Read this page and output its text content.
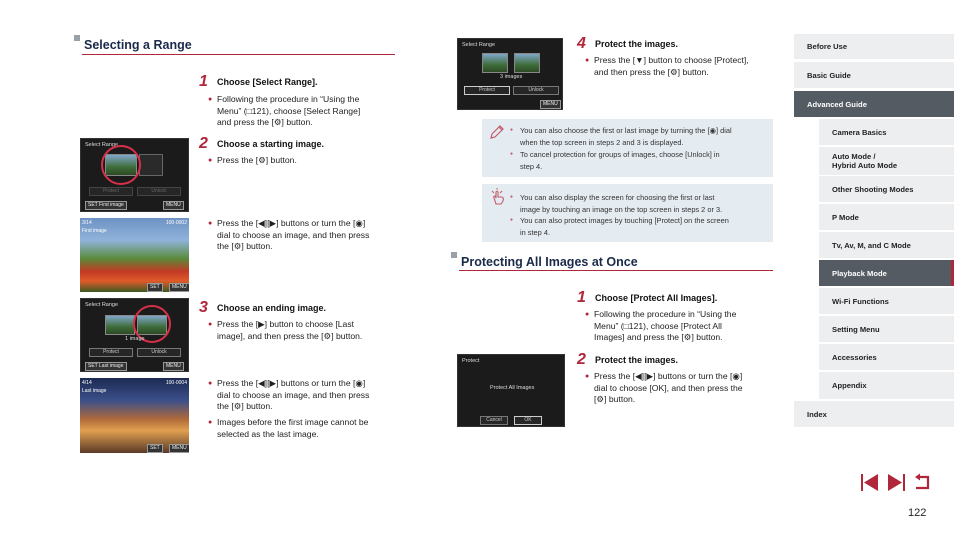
Selecting a Range
1 Choose [Select Range].
● Following the procedure in “Using the
Menu” (□121), choose [Select Range]
and press the [⚙] button.
Select Range
Protect	Unlock
SET First image	MENU
2 Choose a starting image.
● Press the [⚙] button.
3/14	100-0002
First image
SET	MENU
● Press the [◀][▶] buttons or turn the [◉]
dial to choose an image, and then press
the [⚙] button.
Select Range
1 image
Protect	Unlock
SET Last image	MENU
3 Choose an ending image.
● Press the [▶] button to choose [Last
image], and then press the [⚙] button.
4/14	100-0004
Last image
SET	MENU
● Press the [◀][▶] buttons or turn the [◉]
dial to choose an image, and then press
the [⚙] button.
● Images before the first image cannot be
selected as the last image.
Select Range
3 images
Protect	Unlock
MENU
4 Protect the images.
● Press the [▼] button to choose [Protect],
and then press the [⚙] button.
● You can also choose the first or last image by turning the [◉] dial
when the top screen in steps 2 and 3 is displayed.
● To cancel protection for groups of images, choose [Unlock] in
step 4.
● You can also display the screen for choosing the first or last
image by touching an image on the top screen in steps 2 or 3.
● You can also protect images by touching [Protect] on the screen
in step 4.
Protecting All Images at Once
1 Choose [Protect All Images].
● Following the procedure in “Using the
Menu” (□121), choose [Protect All
Images] and press the [⚙] button.
Protect
Protect All Images
Cancel	OK
2 Protect the images.
● Press the [◀][▶] buttons or turn the [◉]
dial to choose [OK], and then press the
[⚙] button.
Before Use
Basic Guide
Advanced Guide
Camera Basics
Auto Mode /
Hybrid Auto Mode
Other Shooting Modes
P Mode
Tv, Av, M, and C Mode
Playback Mode
Wi-Fi Functions
Setting Menu
Accessories
Appendix
Index
122
